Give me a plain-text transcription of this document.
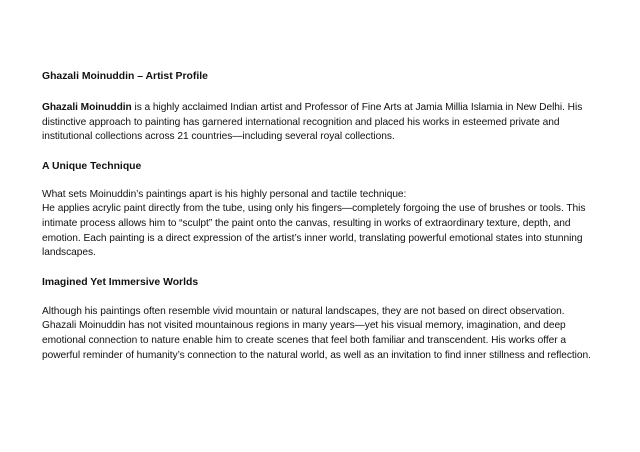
Ghazali Moinuddin – Artist Profile

Ghazali Moinuddin is a highly acclaimed Indian artist and Professor of Fine Arts at Jamia Millia Islamia in New Delhi. His distinctive approach to painting has garnered international recognition and placed his works in esteemed private and institutional collections across 21 countries—including several royal collections.

A Unique Technique

What sets Moinuddin’s paintings apart is his highly personal and tactile technique:

He applies acrylic paint directly from the tube, using only his fingers—completely forgoing the use of brushes or tools. This intimate process allows him to “sculpt” the paint onto the canvas, resulting in works of extraordinary texture, depth, and emotion. Each painting is a direct expression of the artist’s inner world, translating powerful emotional states into stunning landscapes.

Imagined Yet Immersive Worlds

Although his paintings often resemble vivid mountain or natural landscapes, they are not based on direct observation. Ghazali Moinuddin has not visited mountainous regions in many years—yet his visual memory, imagination, and deep emotional connection to nature enable him to create scenes that feel both familiar and transcendent. His works offer a powerful reminder of humanity’s connection to the natural world, as well as an invitation to find inner stillness and reflection.
